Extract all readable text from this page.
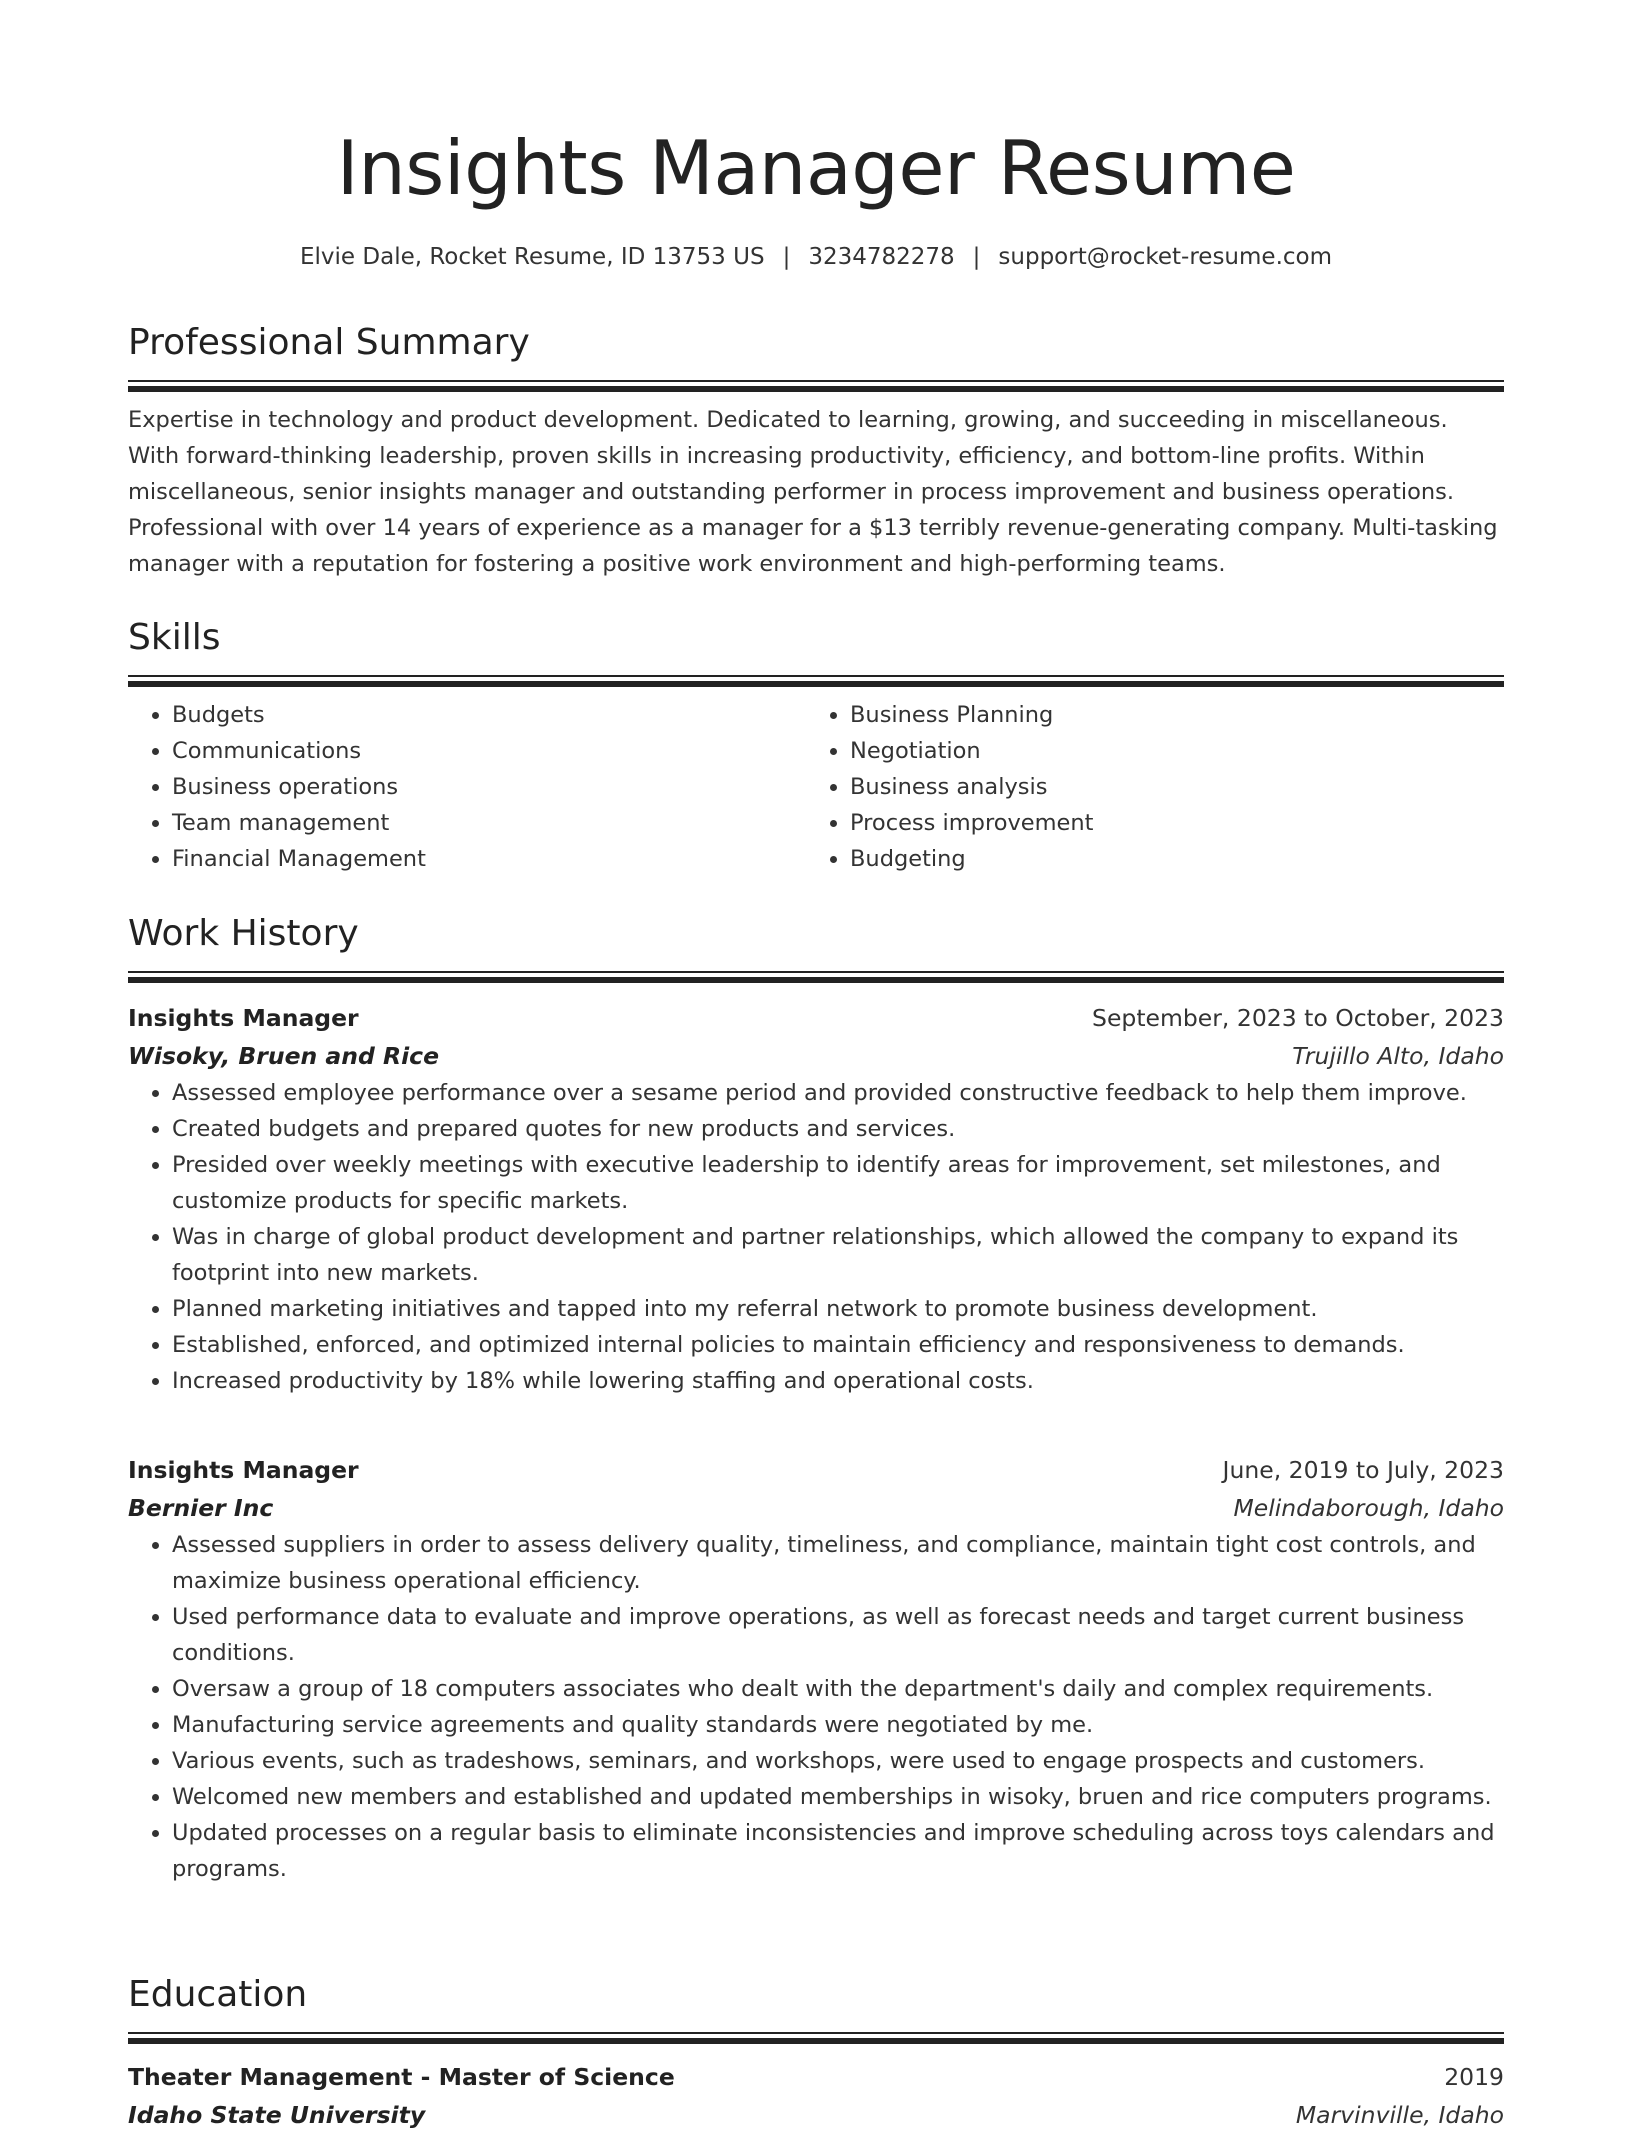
Insights Manager Resume
Elvie Dale, Rocket Resume, ID 13753 US | 3234782278 | support@rocket-resume.com
Professional Summary

Expertise in technology and product development. Dedicated to learning, growing, and succeeding in miscellaneous. With forward-thinking leadership, proven skills in increasing productivity, efficiency, and bottom-line profits. Within miscellaneous, senior insights manager and outstanding performer in process improvement and business operations. Professional with over 14 years of experience as a manager for a $13 terribly revenue-generating company. Multi-tasking manager with a reputation for fostering a positive work environment and high-performing teams.

Skills
• Budgets
• Communications
• Business operations
• Team management
• Financial Management
• Business Planning
• Negotiation
• Business analysis
• Process improvement
• Budgeting
Work History
Insights Manager	September, 2023 to October, 2023
Wisoky, Bruen and Rice	Trujillo Alto, Idaho
• Assessed employee performance over a sesame period and provided constructive feedback to help them improve.
• Created budgets and prepared quotes for new products and services.
• Presided over weekly meetings with executive leadership to identify areas for improvement, set milestones, and customize products for specific markets.
• Was in charge of global product development and partner relationships, which allowed the company to expand its footprint into new markets.
• Planned marketing initiatives and tapped into my referral network to promote business development.
• Established, enforced, and optimized internal policies to maintain efficiency and responsiveness to demands.
• Increased productivity by 18% while lowering staffing and operational costs.
Insights Manager	June, 2019 to July, 2023
Bernier Inc	Melindaborough, Idaho
• Assessed suppliers in order to assess delivery quality, timeliness, and compliance, maintain tight cost controls, and maximize business operational efficiency.
• Used performance data to evaluate and improve operations, as well as forecast needs and target current business conditions.
• Oversaw a group of 18 computers associates who dealt with the department's daily and complex requirements.
• Manufacturing service agreements and quality standards were negotiated by me.
• Various events, such as tradeshows, seminars, and workshops, were used to engage prospects and customers.
• Welcomed new members and established and updated memberships in wisoky, bruen and rice computers programs.
• Updated processes on a regular basis to eliminate inconsistencies and improve scheduling across toys calendars and programs.
Education
Theater Management - Master of Science	2019
Idaho State University	Marvinville, Idaho
